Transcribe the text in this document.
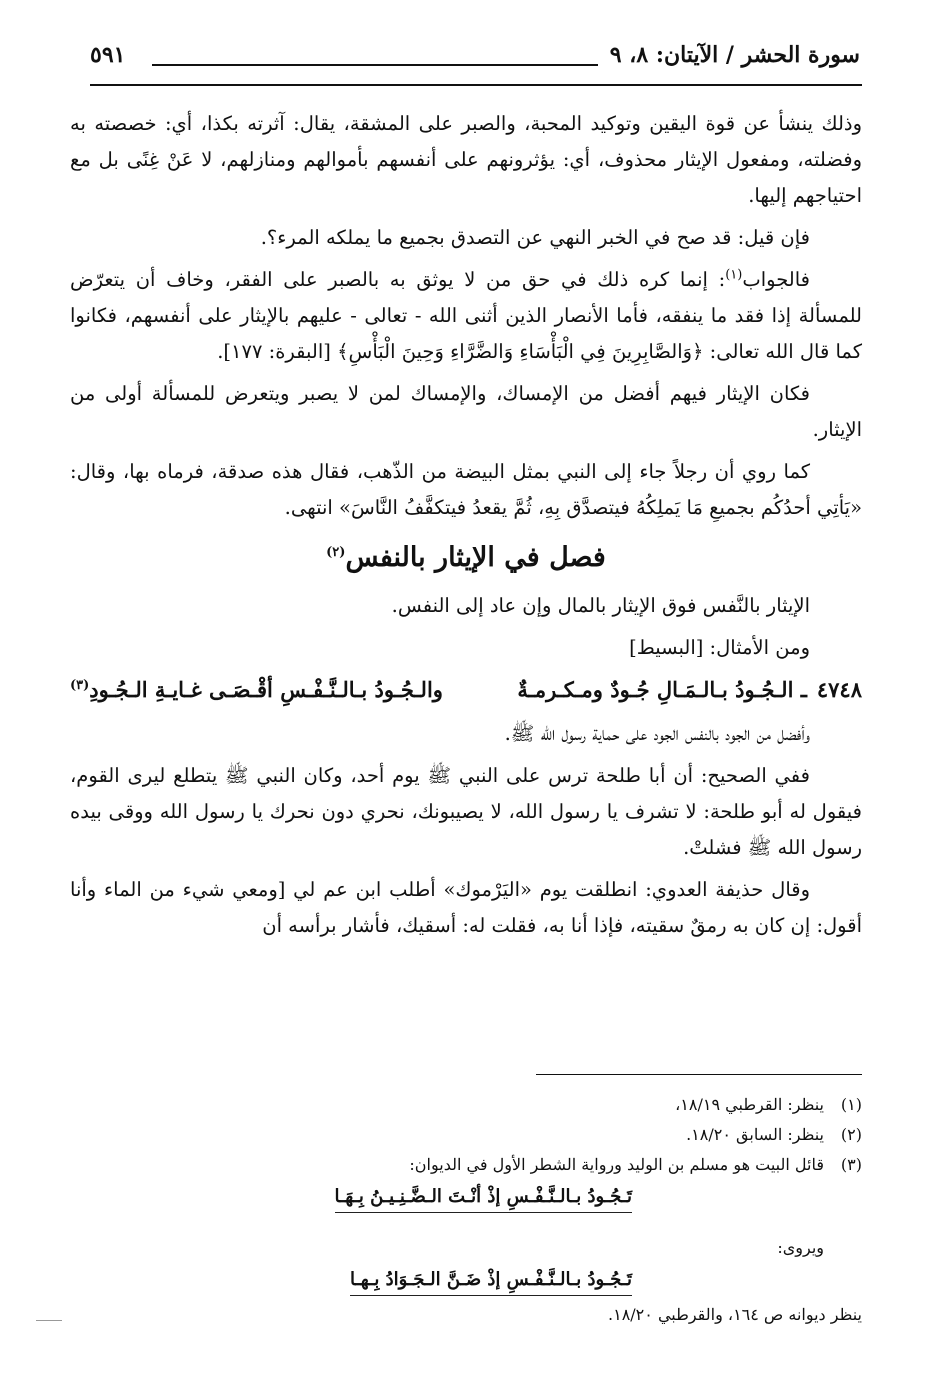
سورة الحشر / الآيتان: ٨، ٩
٥٩١

وذلك ينشأ عن قوة اليقين وتوكيد المحبة، والصبر على المشقة، يقال: آثرته بكذا، أي: خصصته به وفضلته، ومفعول الإيثار محذوف، أي: يؤثرونهم على أنفسهم بأموالهم ومنازلهم، لا عَنْ غِنًى بل مع احتياجهم إليها.

فإن قيل: قد صح في الخبر النهي عن التصدق بجميع ما يملكه المرء؟.

فالجواب$^{(١)}$: إنما كره ذلك في حق من لا يوثق به بالصبر على الفقر، وخاف أن يتعرّض للمسألة إذا فقد ما ينفقه، فأما الأنصار الذين أثنى الله - تعالى - عليهم بالإيثار على أنفسهم، فكانوا كما قال الله تعالى: ﴿وَالصَّابِرِينَ فِي الْبَأْسَاءِ وَالضَّرَّاءِ وَحِينَ الْبَأْسِ﴾ [البقرة: ١٧٧].

فكان الإيثار فيهم أفضل من الإمساك، والإمساك لمن لا يصبر ويتعرض للمسألة أولى من الإيثار.

كما روي أن رجلاً جاء إلى النبي بمثل البيضة من الذّهب، فقال هذه صدقة، فرماه بها، وقال: «يَأتِي أحدُكُم بجميعِ مَا يَملِكُهُ فيتصدَّق بِهِ، ثُمَّ يقعدُ فيتكفَّفُ النَّاسَ» انتهى.

فصل في الإيثار بالنفس$^{(٢)}$

الإيثار بالنَّفس فوق الإيثار بالمال وإن عاد إلى النفس.

ومن الأمثال: [البسيط]

٤٧٤٨ـ الـجُـودُ بـالـمَـالِ جُـودٌ ومـكـرمـةٌ
والـجُـودُ بـالـنَّـفْـسِ أقْـصَـى غـايـةِ الـجُـودِ$^{(٣)}$

وأفضل من الجود بالنفس الجود على حماية رسول الله ﷺ.

ففي الصحيح: أن أبا طلحة ترس على النبي ﷺ يوم أحد، وكان النبي ﷺ يتطلع ليرى القوم، فيقول له أبو طلحة: لا تشرف يا رسول الله، لا يصيبونك، نحري دون نحرك يا رسول الله ووقى بيده رسول الله ﷺ فشلتْ.

وقال حذيفة العدوي: انطلقت يوم «اليَرْموك» أطلب ابن عم لي [ومعي شيء من الماء وأنا أقول: إن كان به رمقٌ سقيته، فإذا أنا به، فقلت له: أسقيك، فأشار برأسه أن

(١)ينظر: القرطبي ١٨/١٩،

(٢)ينظر: السابق ١٨/٢٠.

(٣)قائل البيت هو مسلم بن الوليد ورواية الشطر الأول في الديوان:

تَـجُـودُ بـالـنَّـفْـسِ إذْ أنْـتَ الـضَّـنِـيـنُ بِـهَـا

ويروى:

تَـجُـودُ بـالـنَّـفْـسِ إذْ ضَـنَّ الـجَـوَادُ بِـهـا

ينظر ديوانه ص ١٦٤، والقرطبي ١٨/٢٠.
